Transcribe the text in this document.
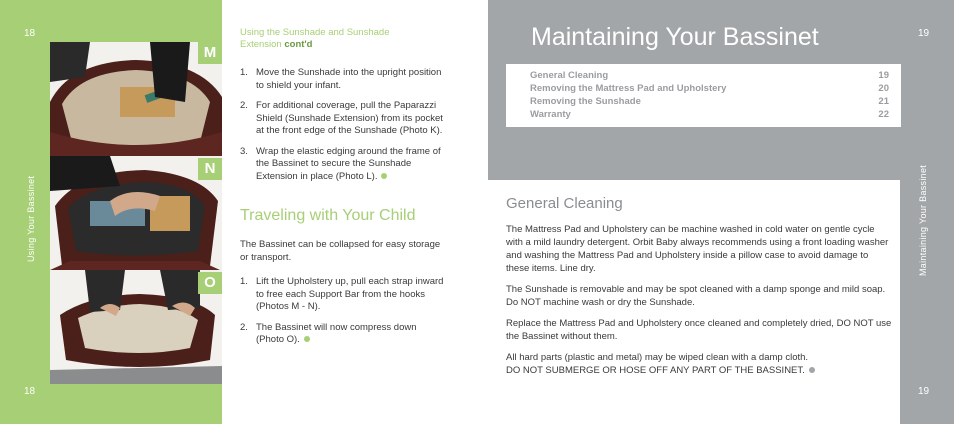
18
18
Using Your Bassinet
M
N
O
Using the Sunshade and Sunshade
Extension cont'd
1. Move the Sunshade into the upright position to shield your infant.
2. For additional coverage, pull the Paparazzi Shield (Sunshade Extension) from its pocket at the front edge of the Sunshade (Photo K).
3. Wrap the elastic edging around the frame of the Bassinet to secure the Sunshade Extension in place (Photo L).
Traveling with Your Child
The Bassinet can be collapsed for easy storage or transport.
1. Lift the Upholstery up, pull each strap inward to free each Support Bar from the hooks (Photos M - N).
2. The Bassinet will now compress down (Photo O).
19
19
Maintaining Your Bassinet
Maintaining Your Bassinet
General Cleaning	19
Removing the Mattress Pad and Upholstery	20
Removing the Sunshade	21
Warranty	22
General Cleaning
The Mattress Pad and Upholstery can be machine washed in cold water on gentle cycle with a mild laundry detergent. Orbit Baby always recommends using a front loading washer and washing the Mattress Pad and Upholstery inside a pillow case to avoid damage to these items. Line dry.
The Sunshade is removable and may be spot cleaned with a damp sponge and mild soap. Do NOT machine wash or dry the Sunshade.
Replace the Mattress Pad and Upholstery once cleaned and completely dried, DO NOT use the Bassinet without them.
All hard parts (plastic and metal) may be wiped clean with a damp cloth.
DO NOT SUBMERGE OR HOSE OFF ANY PART OF THE BASSINET.
